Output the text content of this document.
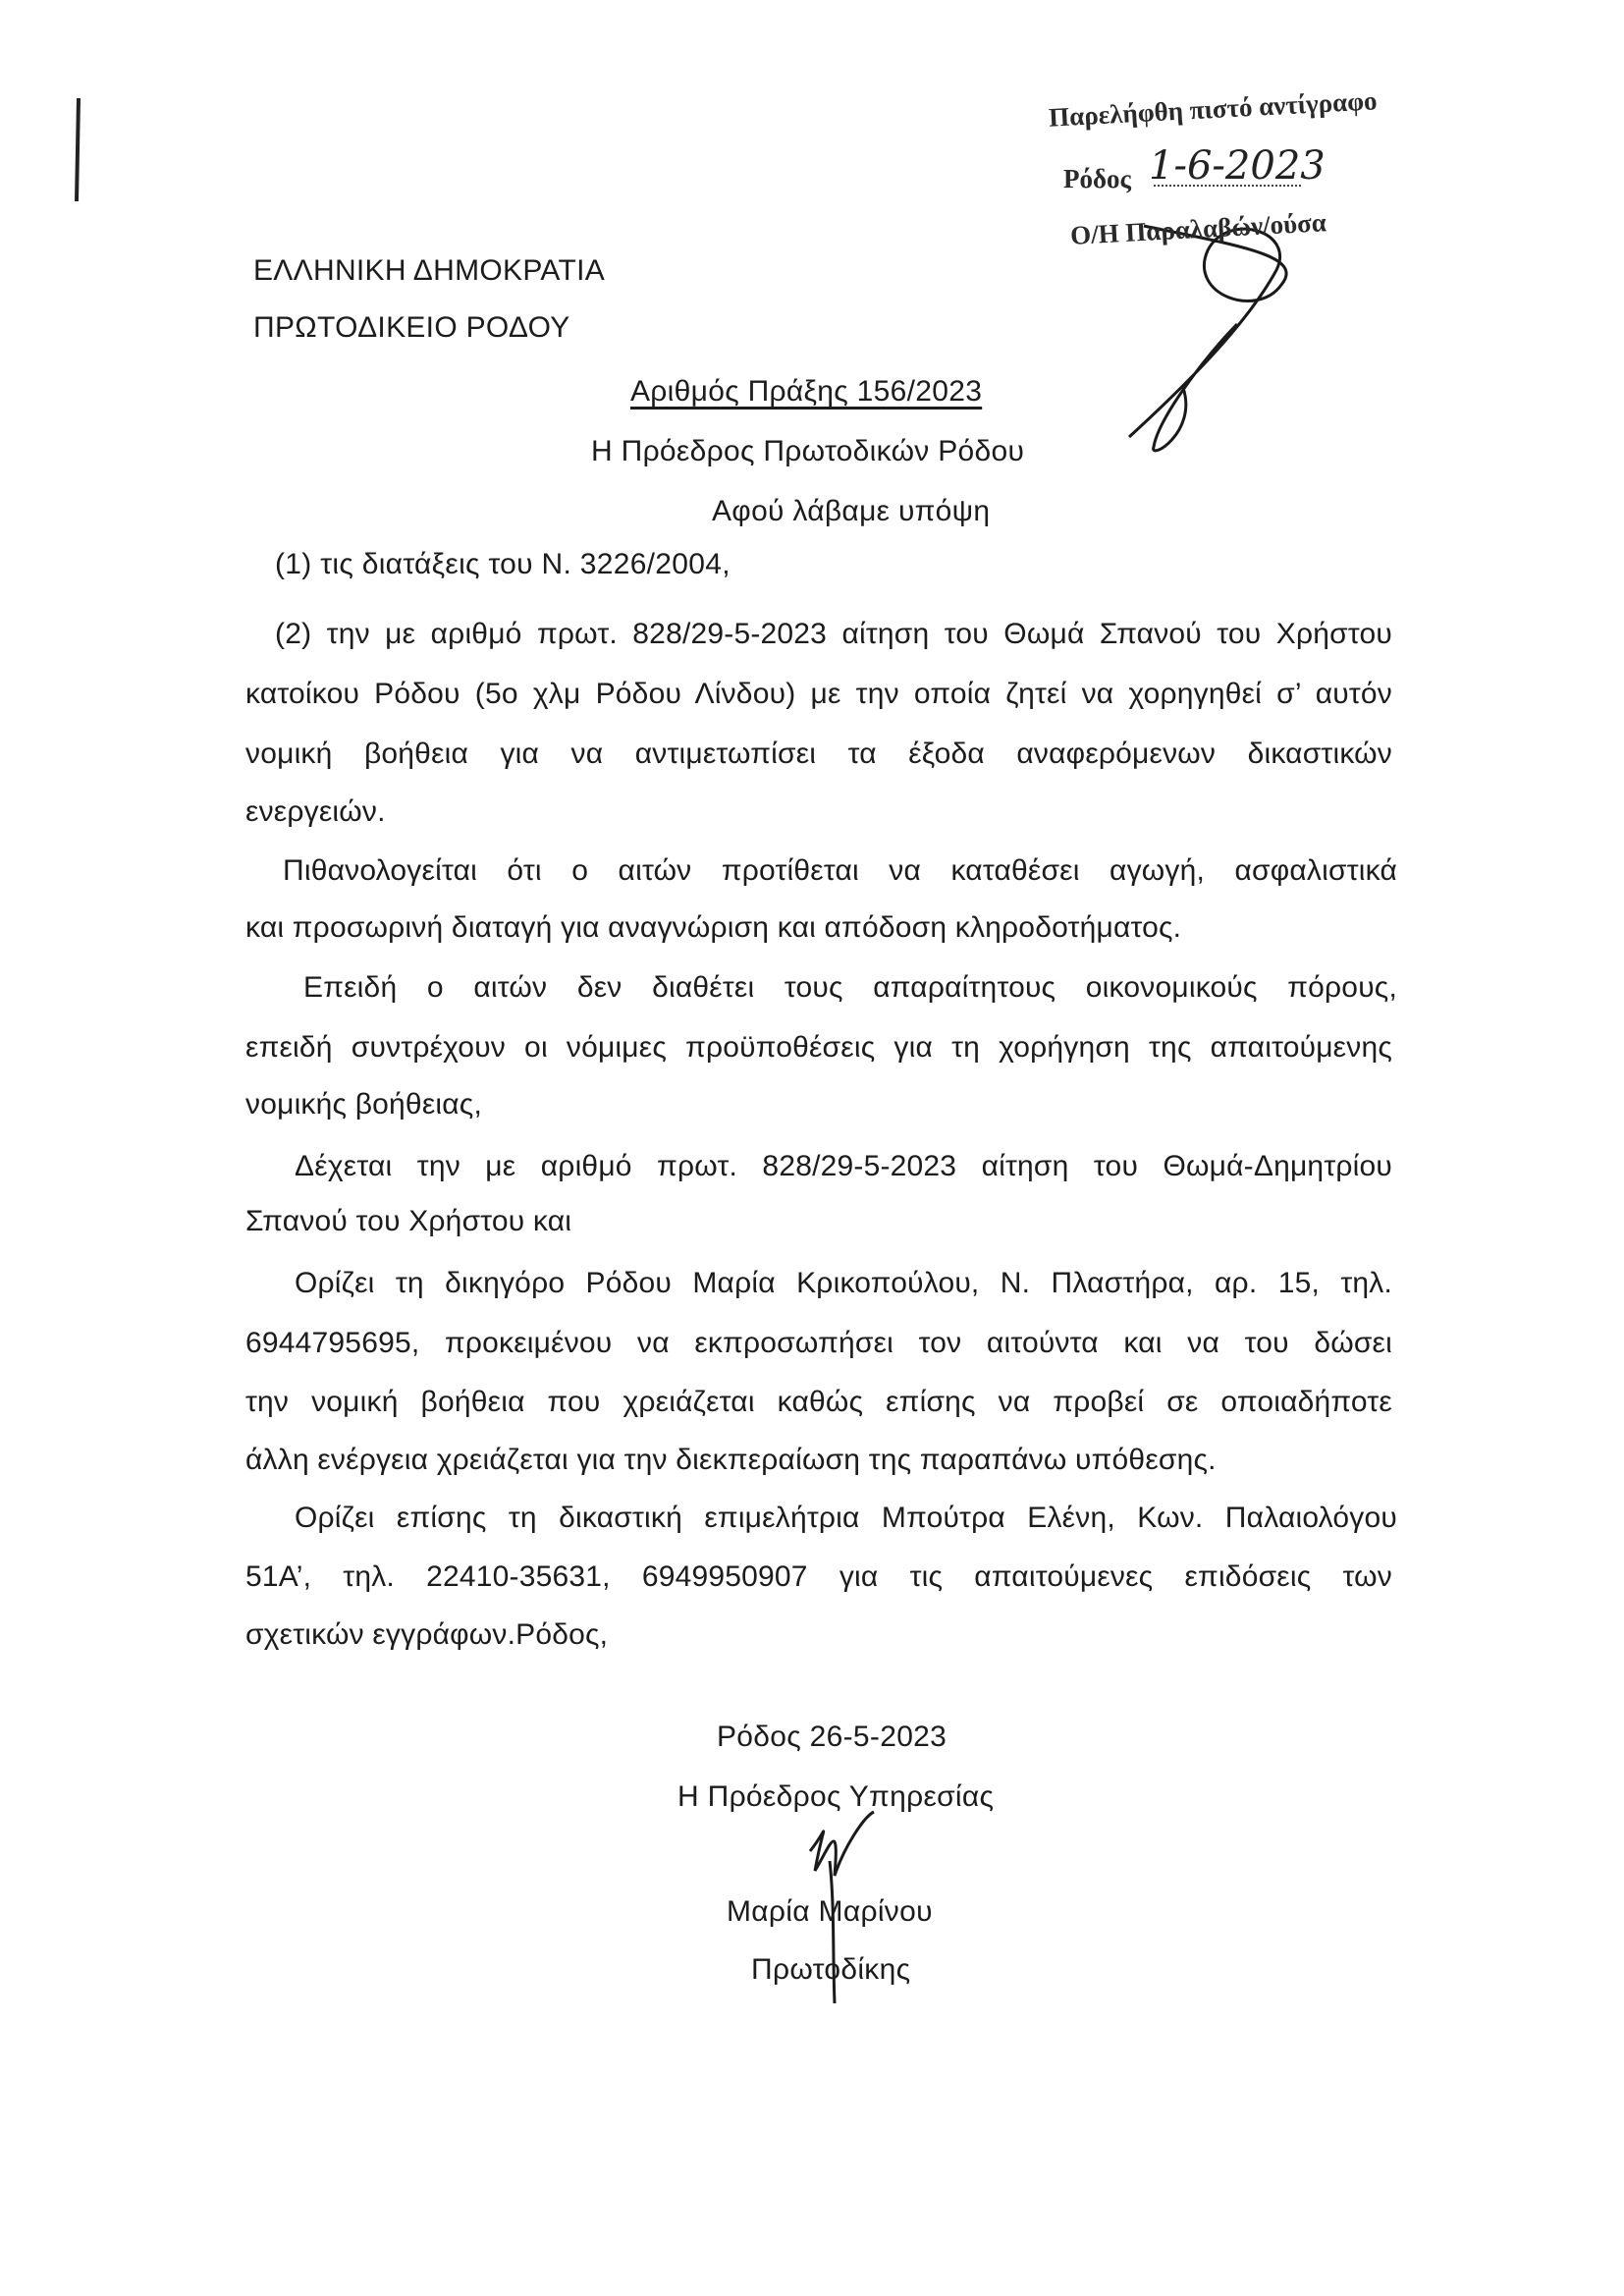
Παρελήφθη πιστό αντίγραφο
Ρόδος 1-6-2023
Ο/Η Παραλαβών/ούσα
ΕΛΛΗΝΙΚΗ ΔΗΜΟΚΡΑΤΙΑ
ΠΡΩΤΟΔΙΚΕΙΟ ΡΟΔΟΥ
Αριθμός Πράξης 156/2023
Η Πρόεδρος Πρωτοδικών Ρόδου
Αφού λάβαμε υπόψη
(1) τις διατάξεις του Ν. 3226/2004,
(2) την με αριθμό πρωτ. 828/29-5-2023 αίτηση του Θωμά Σπανού του Χρήστου
κατοίκου Ρόδου (5ο χλμ Ρόδου Λίνδου) με την οποία ζητεί να χορηγηθεί σ’ αυτόν
νομική βοήθεια για να αντιμετωπίσει τα έξοδα αναφερόμενων δικαστικών
ενεργειών.
Πιθανολογείται ότι ο αιτών προτίθεται να καταθέσει αγωγή, ασφαλιστικά
και προσωρινή διαταγή για αναγνώριση και απόδοση κληροδοτήματος.
Επειδή ο αιτών δεν διαθέτει τους απαραίτητους οικονομικούς πόρους,
επειδή συντρέχουν οι νόμιμες προϋποθέσεις για τη χορήγηση της απαιτούμενης
νομικής βοήθειας,
Δέχεται την με αριθμό πρωτ. 828/29-5-2023 αίτηση του Θωμά-Δημητρίου
Σπανού του Χρήστου και
Ορίζει τη δικηγόρο Ρόδου Μαρία Κρικοπούλου, Ν. Πλαστήρα, αρ. 15, τηλ.
6944795695, προκειμένου να εκπροσωπήσει τον αιτούντα και να του δώσει
την νομική βοήθεια που χρειάζεται καθώς επίσης να προβεί σε οποιαδήποτε
άλλη ενέργεια χρειάζεται για την διεκπεραίωση της παραπάνω υπόθεσης.
Ορίζει επίσης τη δικαστική επιμελήτρια Μπούτρα Ελένη, Κων. Παλαιολόγου
51Α’, τηλ. 22410-35631, 6949950907 για τις απαιτούμενες επιδόσεις των
σχετικών εγγράφων.Ρόδος,
Ρόδος 26-5-2023
Η Πρόεδρος Υπηρεσίας
Μαρία Μαρίνου
Πρωτοδίκης
